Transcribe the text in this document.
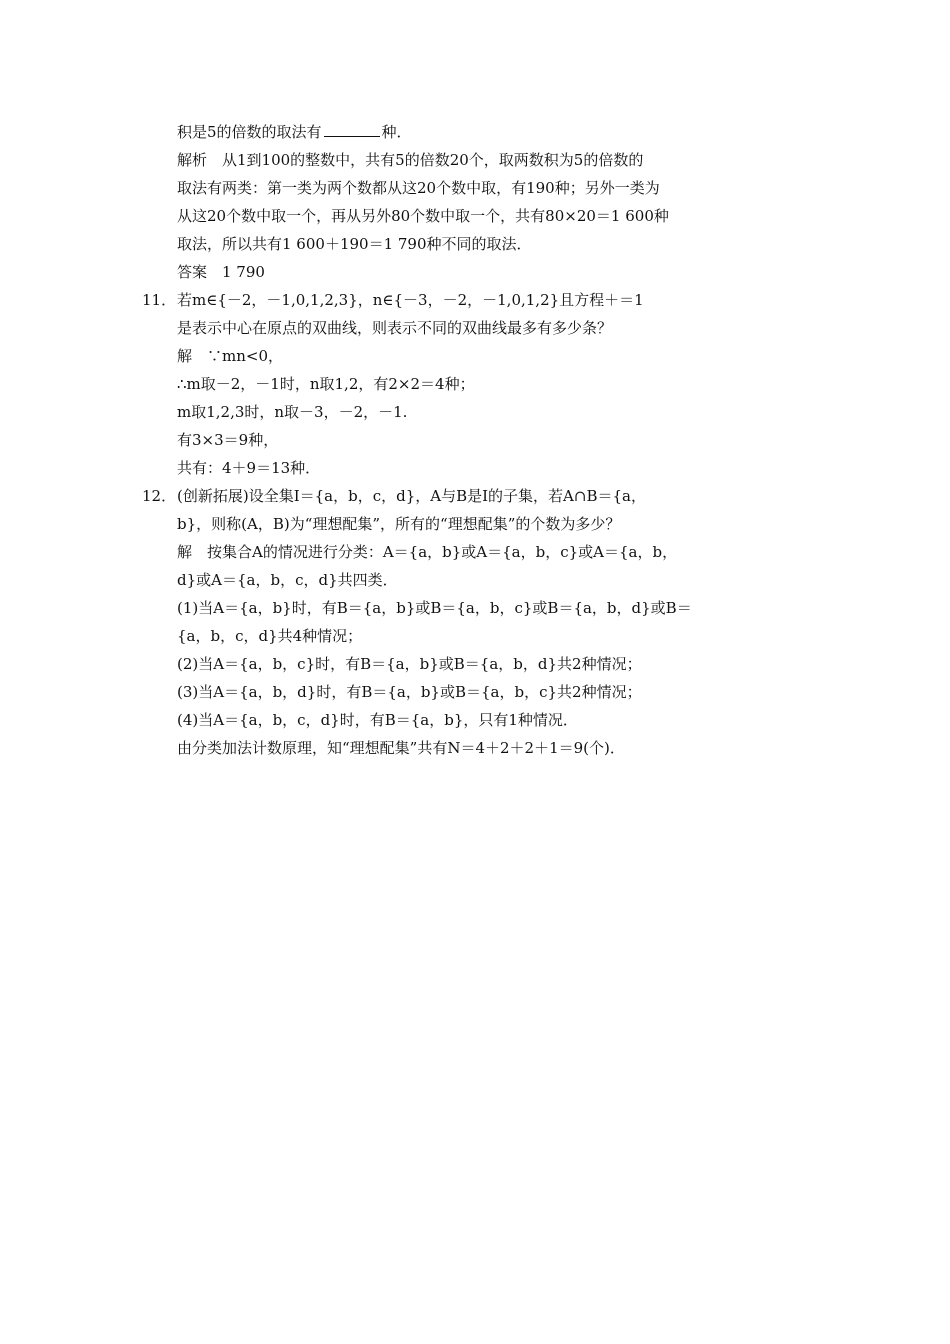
积是5的倍数的取法有	种．
解析　从1到100的整数中，共有5的倍数20个，取两数积为5的倍数的
取法有两类：第一类为两个数都从这20个数中取，有190种；另外一类为
从这20个数中取一个，再从另外80个数中取一个，共有80×20＝1 600种
取法，所以共有1 600＋190＝1 790种不同的取法．
答案　1 790
11． 若m∈{－2，－1,0,1,2,3}，n∈{－3，－2，－1,0,1,2}且方程＋＝1
是表示中心在原点的双曲线，则表示不同的双曲线最多有多少条？
解　∵mn<0，
∴m取－2，－1时，n取1,2，有2×2＝4种；
m取1,2,3时，n取－3，－2，－1.
有3×3＝9种，
共有：4＋9＝13种．
12． (创新拓展)设全集I＝{a，b，c，d}，A与B是I的子集，若A∩B＝{a，
b}，则称(A，B)为“理想配集”，所有的“理想配集”的个数为多少？
解　按集合A的情况进行分类：A＝{a，b}或A＝{a，b，c}或A＝{a，b，
d}或A＝{a，b，c，d}共四类．
(1)当A＝{a，b}时，有B＝{a，b}或B＝{a，b，c}或B＝{a，b，d}或B＝
{a，b，c，d}共4种情况；
(2)当A＝{a，b，c}时，有B＝{a，b}或B＝{a，b，d}共2种情况；
(3)当A＝{a，b，d}时，有B＝{a，b}或B＝{a，b，c}共2种情况；
(4)当A＝{a，b，c，d}时，有B＝{a，b}，只有1种情况．
由分类加法计数原理，知“理想配集”共有N＝4＋2＋2＋1＝9(个)．
